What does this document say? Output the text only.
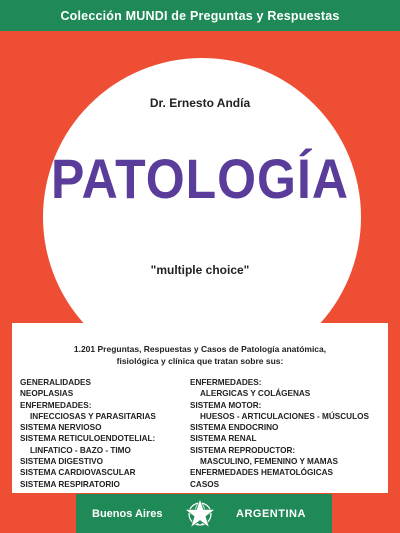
Colección MUNDI de Preguntas y Respuestas
Dr. Ernesto Andía
PATOLOGÍA
"multiple choice"
1.201 Preguntas, Respuestas y Casos de Patología anatómica,
fisiológica y clínica que tratan sobre sus:
GENERALIDADES
NEOPLASIAS
ENFERMEDADES:
INFECCIOSAS Y PARASITARIAS
SISTEMA NERVIOSO
SISTEMA RETICULOENDOTELIAL:
LINFATICO - BAZO - TIMO
SISTEMA DIGESTIVO
SISTEMA CARDIOVASCULAR
SISTEMA RESPIRATORIO
ENFERMEDADES:
ALERGICAS Y COLÁGENAS
SISTEMA MOTOR:
HUESOS - ARTICULACIONES - MÚSCULOS
SISTEMA ENDOCRINO
SISTEMA RENAL
SISTEMA REPRODUCTOR:
MASCULINO, FEMENINO Y MAMAS
ENFERMEDADES HEMATOLÓGICAS
CASOS
Buenos Aires	ARGENTINA
